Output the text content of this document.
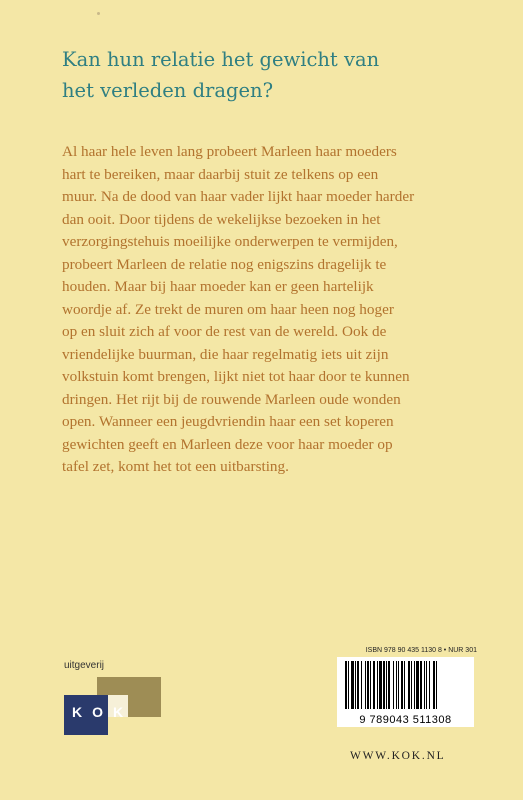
Kan hun relatie het gewicht van
het verleden dragen?
Al haar hele leven lang probeert Marleen haar moeders
hart te bereiken, maar daarbij stuit ze telkens op een
muur. Na de dood van haar vader lijkt haar moeder harder
dan ooit. Door tijdens de wekelijkse bezoeken in het
verzorgingstehuis moeilijke onderwerpen te vermijden,
probeert Marleen de relatie nog enigszins dragelijk te
houden. Maar bij haar moeder kan er geen hartelijk
woordje af. Ze trekt de muren om haar heen nog hoger
op en sluit zich af voor de rest van de wereld. Ook de
vriendelijke buurman, die haar regelmatig iets uit zijn
volkstuin komt brengen, lijkt niet tot haar door te kunnen
dringen. Het rijt bij de rouwende Marleen oude wonden
open. Wanneer een jeugdvriendin haar een set koperen
gewichten geeft en Marleen deze voor haar moeder op
tafel zet, komt het tot een uitbarsting.
uitgeverij
KOK
ISBN 978 90 435 1130 8 • NUR 301
9 789043 511308
WWW.KOK.NL
